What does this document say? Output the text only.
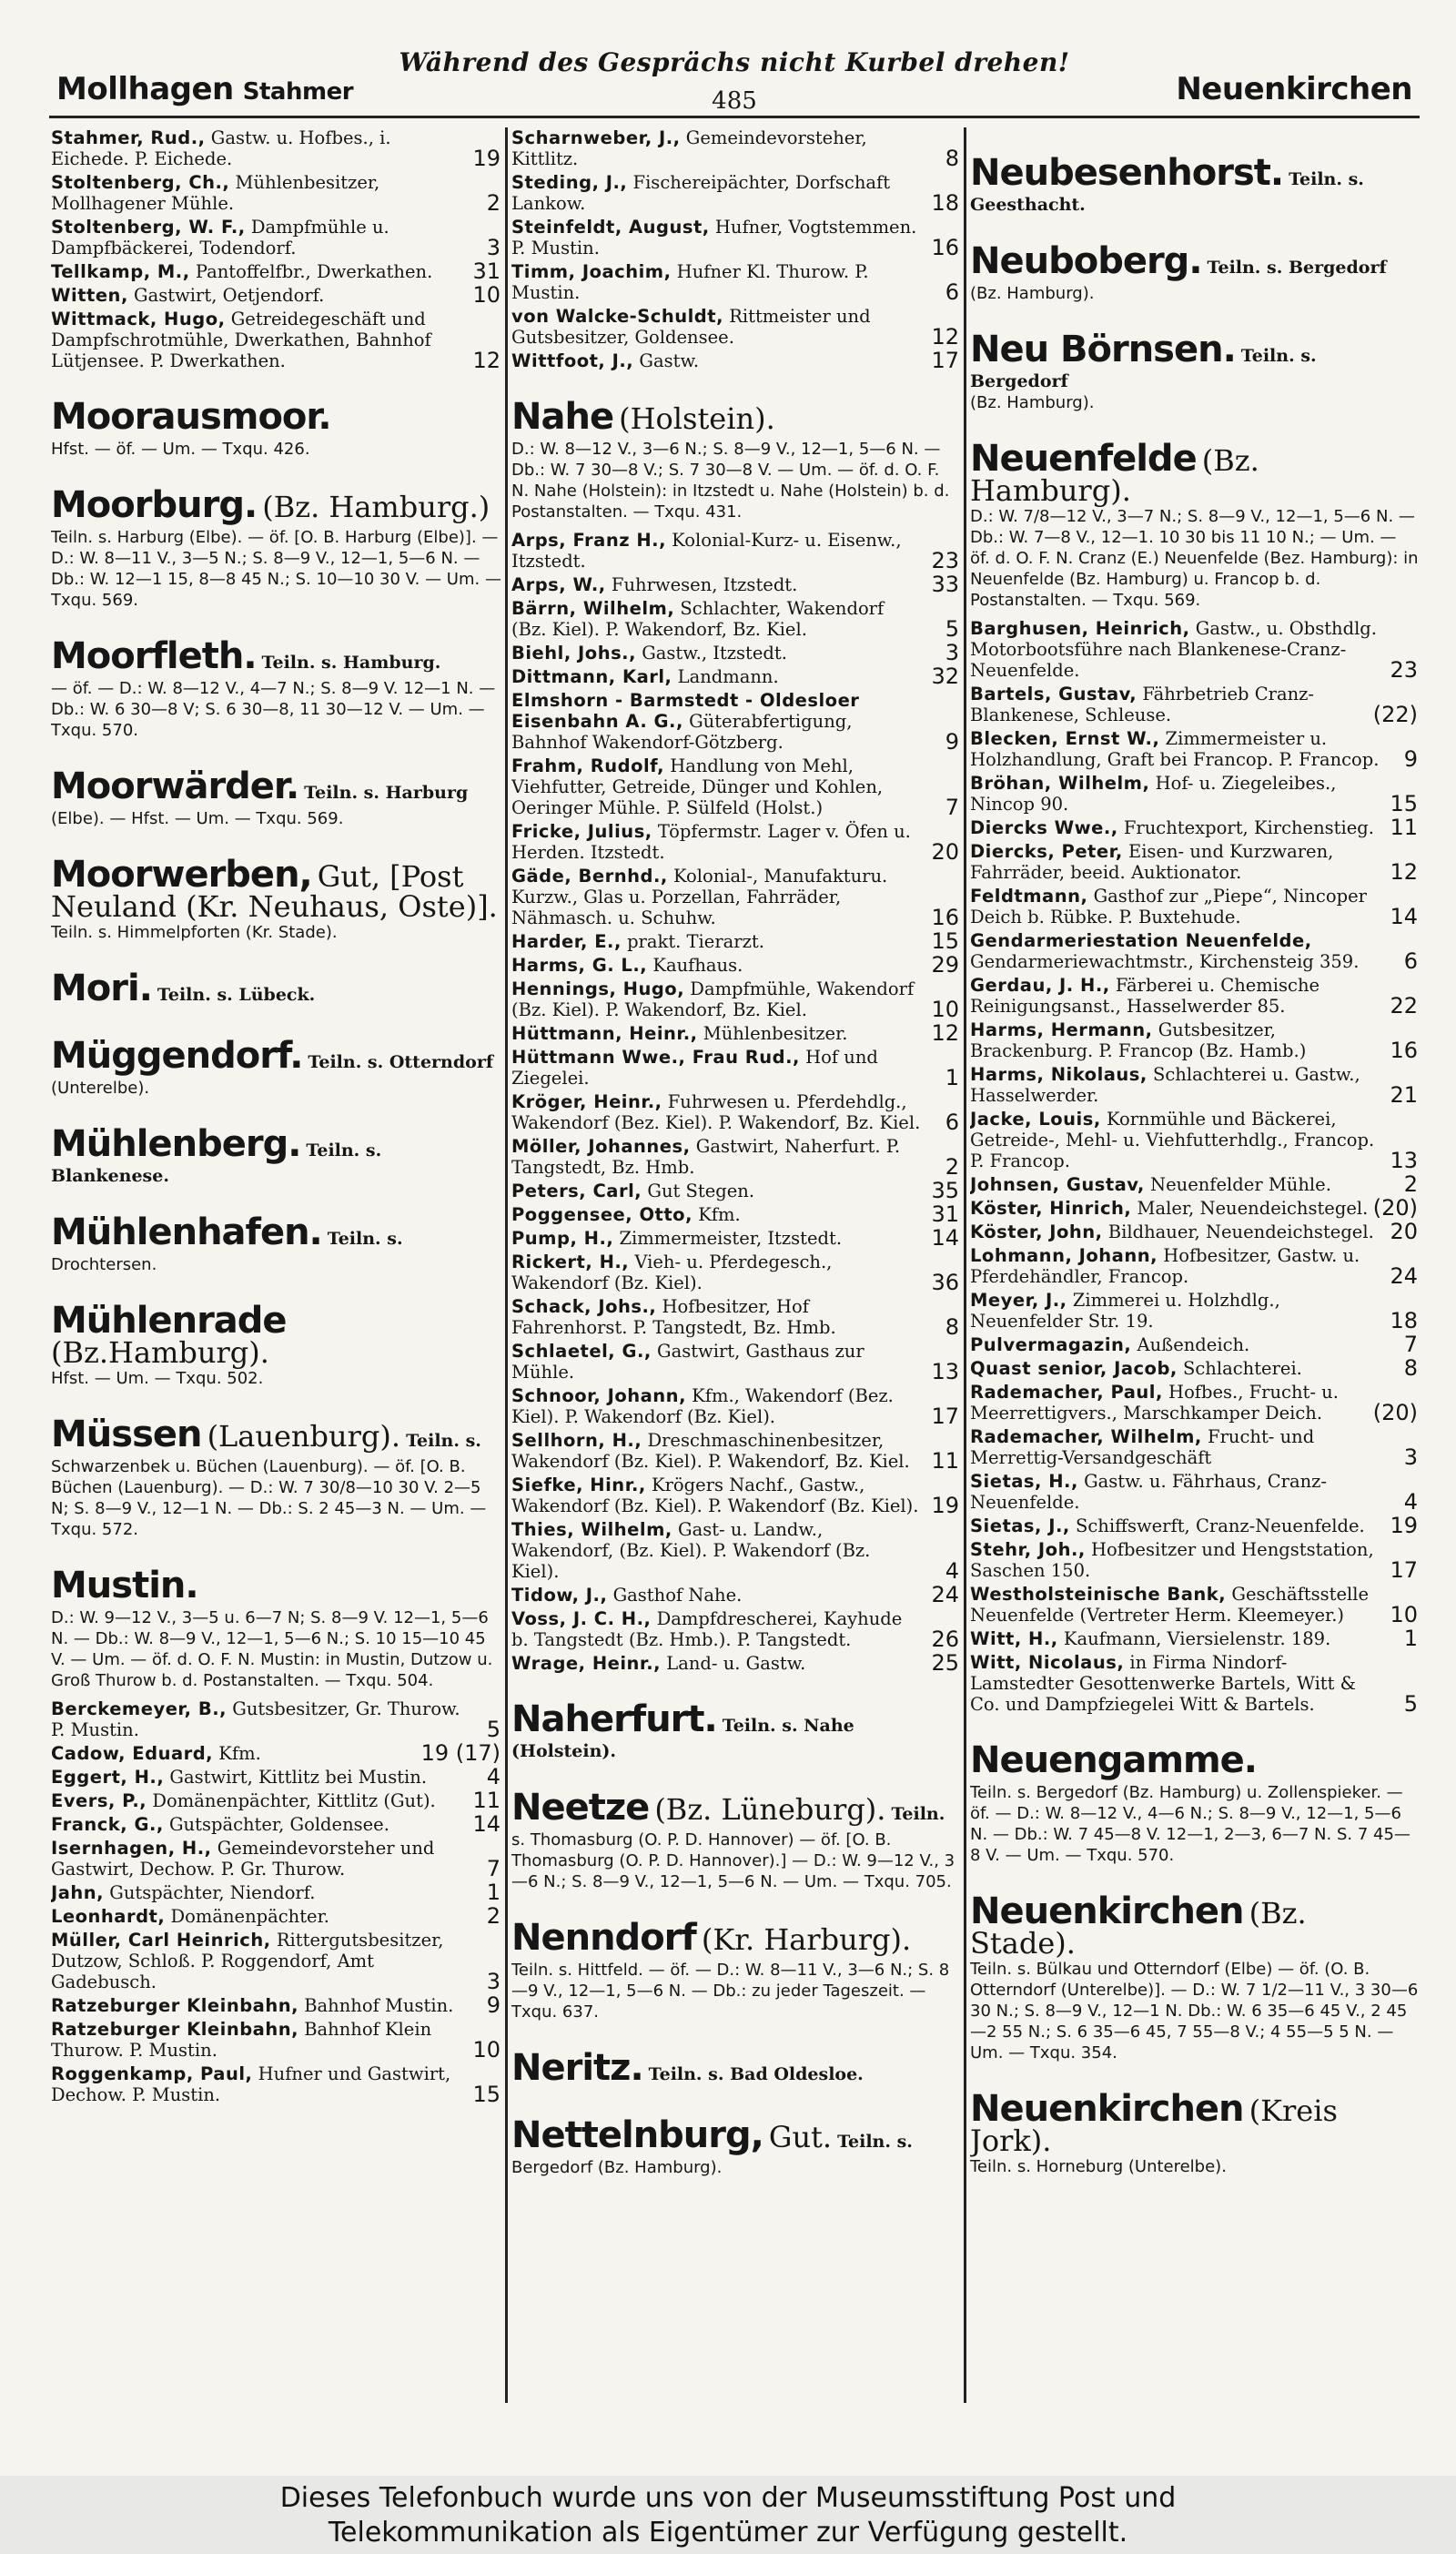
Während des Gesprächs nicht Kurbel drehen!
Mollhagen Stahmer	485	Neuenkirchen
Stahmer, Rud., Gastw. u. Hofbes., i. Eichede. P. Eichede.	19
Stoltenberg, Ch., Mühlenbesitzer, Mollhagener Mühle.	2
Stoltenberg, W. F., Dampfmühle u. Dampfbäckerei, Todendorf.	3
Tellkamp, M., Pantoffelfbr., Dwerkathen. 31
Witten, Gastwirt, Oetjendorf.	10
Wittmack, Hugo, Getreidegeschäft und Dampfschrotmühle, Dwerkathen, Bahnhof Lütjensee. P. Dwerkathen.	12
Moorausmoor.
Hfst. — öf. — Um. — Txqu. 426.
Moorburg. (Bz. Hamburg.)
Teiln. s. Harburg (Elbe). — öf. [O. B. Harburg (Elbe)]. — D.: W. 8—11 V., 3—5 N.; S. 8—9 V., 12—1, 5—6 N. — Db.: W. 12—1 15, 8—8 45 N.; S. 10—10 30 V. — Um. — Txqu. 569.
Moorfleth. Teiln. s. Hamburg.
— öf. — D.: W. 8—12 V., 4—7 N.; S. 8—9 V. 12—1 N. — Db.: W. 6 30—8 V; S. 6 30—8, 11 30—12 V. — Um. — Txqu. 570.
Moorwärder. Teiln. s. Harburg
(Elbe). — Hfst. — Um. — Txqu. 569.
Moorwerben, Gut, [Post Neuland (Kr. Neuhaus, Oste)].
Teiln. s. Himmelpforten (Kr. Stade).
Mori. Teiln. s. Lübeck.
Müggendorf. Teiln. s. Otterndorf
(Unterelbe).
Mühlenberg. Teiln. s. Blankenese.
Mühlenhafen. Teiln. s.
Drochtersen.
Mühlenrade (Bz.Hamburg).
Hfst. — Um. — Txqu. 502.
Müssen (Lauenburg). Teiln. s.
Schwarzenbek u. Büchen (Lauenburg). — öf. [O. B. Büchen (Lauenburg). — D.: W. 7 30/8—10 30 V. 2—5 N; S. 8—9 V., 12—1 N. — Db.: S. 2 45—3 N. — Um. — Txqu. 572.
Mustin.
D.: W. 9—12 V., 3—5 u. 6—7 N; S. 8—9 V. 12—1, 5—6 N. — Db.: W. 8—9 V., 12—1, 5—6 N.; S. 10 15—10 45 V. — Um. — öf. d. O. F. N. Mustin: in Mustin, Dutzow u. Groß Thurow b. d. Postanstalten. — Txqu. 504.
Berckemeyer, B., Gutsbesitzer, Gr. Thurow. P. Mustin.	5
Cadow, Eduard, Kfm.	19 (17)
Eggert, H., Gastwirt, Kittlitz bei Mustin.	4
Evers, P., Domänenpächter, Kittlitz (Gut). 11
Franck, G., Gutspächter, Goldensee.	14
Isernhagen, H., Gemeindevorsteher und Gastwirt, Dechow. P. Gr. Thurow.	7
Jahn, Gutspächter, Niendorf.	1
Leonhardt, Domänenpächter.	2
Müller, Carl Heinrich, Rittergutsbesitzer, Dutzow, Schloß. P. Roggendorf, Amt Gadebusch.	3
Ratzeburger Kleinbahn, Bahnhof Mustin. 9
Ratzeburger Kleinbahn, Bahnhof Klein Thurow. P. Mustin.	10
Roggenkamp, Paul, Hufner und Gastwirt, Dechow. P. Mustin.	15
Scharnweber, J., Gemeindevorsteher, Kittlitz.	8
Steding, J., Fischereipächter, Dorfschaft Lankow.	18
Steinfeldt, August, Hufner, Vogtstemmen. P. Mustin.	16
Timm, Joachim, Hufner Kl. Thurow. P. Mustin.	6
von Walcke-Schuldt, Rittmeister und Gutsbesitzer, Goldensee.	12
Wittfoot, J., Gastw.	17
Nahe (Holstein).
D.: W. 8—12 V., 3—6 N.; S. 8—9 V., 12—1, 5—6 N. — Db.: W. 7 30—8 V.; S. 7 30—8 V. — Um. — öf. d. O. F. N. Nahe (Holstein): in Itzstedt u. Nahe (Holstein) b. d. Postanstalten. — Txqu. 431.
Arps, Franz H., Kolonial-Kurz- u. Eisenw., Itzstedt.	23
Arps, W., Fuhrwesen, Itzstedt.	33
Bärrn, Wilhelm, Schlachter, Wakendorf (Bz. Kiel). P. Wakendorf, Bz. Kiel.	5
Biehl, Johs., Gastw., Itzstedt.	3
Dittmann, Karl, Landmann.	32
Elmshorn - Barmstedt - Oldesloer Eisenbahn A. G., Güterabfertigung, Bahnhof Wakendorf-Götzberg.	9
Frahm, Rudolf, Handlung von Mehl, Viehfutter, Getreide, Dünger und Kohlen, Oeringer Mühle. P. Sülfeld (Holst.)	7
Fricke, Julius, Töpfermstr. Lager v. Öfen u. Herden. Itzstedt.	20
Gäde, Bernhd., Kolonial-, Manufakturu. Kurzw., Glas u. Porzellan, Fahrräder, Nähmasch. u. Schuhw.	16
Harder, E., prakt. Tierarzt.	15
Harms, G. L., Kaufhaus.	29
Hennings, Hugo, Dampfmühle, Wakendorf (Bz. Kiel). P. Wakendorf, Bz. Kiel.	10
Hüttmann, Heinr., Mühlenbesitzer.	12
Hüttmann Wwe., Frau Rud., Hof und Ziegelei.	1
Kröger, Heinr., Fuhrwesen u. Pferdehdlg., Wakendorf (Bez. Kiel). P. Wakendorf, Bz. Kiel. 6
Möller, Johannes, Gastwirt, Naherfurt. P. Tangstedt, Bz. Hmb.	2
Peters, Carl, Gut Stegen.	35
Poggensee, Otto, Kfm.	31
Pump, H., Zimmermeister, Itzstedt.	14
Rickert, H., Vieh- u. Pferdegesch., Wakendorf (Bz. Kiel).	36
Schack, Johs., Hofbesitzer, Hof Fahrenhorst. P. Tangstedt, Bz. Hmb.	8
Schlaetel, G., Gastwirt, Gasthaus zur Mühle.	13
Schnoor, Johann, Kfm., Wakendorf (Bez. Kiel). P. Wakendorf (Bz. Kiel).	17
Sellhorn, H., Dreschmaschinenbesitzer, Wakendorf (Bz. Kiel). P. Wakendorf, Bz. Kiel. 11
Siefke, Hinr., Krögers Nachf., Gastw., Wakendorf (Bz. Kiel). P. Wakendorf (Bz. Kiel). 19
Thies, Wilhelm, Gast- u. Landw., Wakendorf, (Bz. Kiel). P. Wakendorf (Bz. Kiel).	4
Tidow, J., Gasthof Nahe.	24
Voss, J. C. H., Dampfdrescherei, Kayhude b. Tangstedt (Bz. Hmb.). P. Tangstedt.	26
Wrage, Heinr., Land- u. Gastw.	25
Naherfurt. Teiln. s. Nahe (Holstein).
Neetze (Bz. Lüneburg). Teiln.
s. Thomasburg (O. P. D. Hannover) — öf. [O. B. Thomasburg (O. P. D. Hannover).] — D.: W. 9—12 V., 3—6 N.; S. 8—9 V., 12—1, 5—6 N. — Um. — Txqu. 705.
Nenndorf (Kr. Harburg).
Teiln. s. Hittfeld. — öf. — D.: W. 8—11 V., 3—6 N.; S. 8—9 V., 12—1, 5—6 N. — Db.: zu jeder Tageszeit. — Txqu. 637.
Neritz. Teiln. s. Bad Oldesloe.
Nettelnburg, Gut. Teiln. s.
Bergedorf (Bz. Hamburg).
Neubesenhorst. Teiln. s. Geesthacht.
Neuboberg. Teiln. s. Bergedorf
(Bz. Hamburg).
Neu Börnsen. Teiln. s. Bergedorf
(Bz. Hamburg).
Neuenfelde (Bz. Hamburg).
D.: W. 7/8—12 V., 3—7 N.; S. 8—9 V., 12—1, 5—6 N. — Db.: W. 7—8 V., 12—1. 10 30 bis 11 10 N.; — Um. — öf. d. O. F. N. Cranz (E.) Neuenfelde (Bez. Hamburg): in Neuenfelde (Bz. Hamburg) u. Francop b. d. Postanstalten. — Txqu. 569.
Barghusen, Heinrich, Gastw., u. Obsthdlg. Motorbootsführe nach Blankenese-Cranz-Neuenfelde.	23
Bartels, Gustav, Fährbetrieb Cranz-Blankenese, Schleuse.	(22)
Blecken, Ernst W., Zimmermeister u. Holzhandlung, Graft bei Francop. P. Francop. 9
Bröhan, Wilhelm, Hof- u. Ziegeleibes., Nincop 90.	15
Diercks Wwe., Fruchtexport, Kirchenstieg. 11
Diercks, Peter, Eisen- und Kurzwaren, Fahrräder, beeid. Auktionator.	12
Feldtmann, Gasthof zur „Piepe“, Nincoper Deich b. Rübke. P. Buxtehude.	14
Gendarmeriestation Neuenfelde, Gendarmeriewachtmstr., Kirchensteig 359. 6
Gerdau, J. H., Färberei u. Chemische Reinigungsanst., Hasselwerder 85.	22
Harms, Hermann, Gutsbesitzer, Brackenburg. P. Francop (Bz. Hamb.)	16
Harms, Nikolaus, Schlachterei u. Gastw., Hasselwerder.	21
Jacke, Louis, Kornmühle und Bäckerei, Getreide-, Mehl- u. Viehfutterhdlg., Francop. P. Francop.	13
Johnsen, Gustav, Neuenfelder Mühle.	2
Köster, Hinrich, Maler, Neuendeichstegel. (20)
Köster, John, Bildhauer, Neuendeichstegel. 20
Lohmann, Johann, Hofbesitzer, Gastw. u. Pferdehändler, Francop.	24
Meyer, J., Zimmerei u. Holzhdlg., Neuenfelder Str. 19.	18
Pulvermagazin, Außendeich.	7
Quast senior, Jacob, Schlachterei.	8
Rademacher, Paul, Hofbes., Frucht- u. Meerrettigvers., Marschkamper Deich. (20)
Rademacher, Wilhelm, Frucht- und Merrettig-Versandgeschäft	3
Sietas, H., Gastw. u. Fährhaus, Cranz-Neuenfelde.	4
Sietas, J., Schiffswerft, Cranz-Neuenfelde. 19
Stehr, Joh., Hofbesitzer und Hengststation, Saschen 150.	17
Westholsteinische Bank, Geschäftsstelle Neuenfelde (Vertreter Herm. Kleemeyer.) 10
Witt, H., Kaufmann, Viersielenstr. 189.	1
Witt, Nicolaus, in Firma Nindorf-Lamstedter Gesottenwerke Bartels, Witt & Co. und Dampfziegelei Witt & Bartels.	5
Neuengamme.
Teiln. s. Bergedorf (Bz. Hamburg) u. Zollenspieker. — öf. — D.: W. 8—12 V., 4—6 N.; S. 8—9 V., 12—1, 5—6 N. — Db.: W. 7 45—8 V. 12—1, 2—3, 6—7 N. S. 7 45—8 V. — Um. — Txqu. 570.
Neuenkirchen (Bz. Stade).
Teiln. s. Bülkau und Otterndorf (Elbe) — öf. (O. B. Otterndorf (Unterelbe)]. — D.: W. 7 1/2—11 V., 3 30—6 30 N.; S. 8—9 V., 12—1 N. Db.: W. 6 35—6 45 V., 2 45—2 55 N.; S. 6 35—6 45, 7 55—8 V.; 4 55—5 5 N. — Um. — Txqu. 354.
Neuenkirchen (Kreis Jork).
Teiln. s. Horneburg (Unterelbe).
Dieses Telefonbuch wurde uns von der Museumsstiftung Post und
Telekommunikation als Eigentümer zur Verfügung gestellt.
